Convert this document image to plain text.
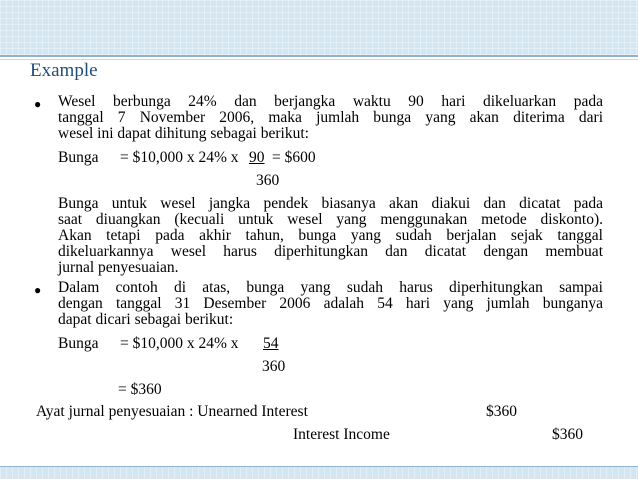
Example
● Wesel berbunga 24% dan berjangka waktu 90 hari dikeluarkan pada
tanggal 7 November 2006, maka jumlah bunga yang akan diterima dari
wesel ini dapat dihitung sebagai berikut:
Bunga = $10,000 x 24% x 90 = $600
360
Bunga untuk wesel jangka pendek biasanya akan diakui dan dicatat pada
saat diuangkan (kecuali untuk wesel yang menggunakan metode diskonto).
Akan tetapi pada akhir tahun, bunga yang sudah berjalan sejak tanggal
dikeluarkannya wesel harus diperhitungkan dan dicatat dengan membuat
jurnal penyesuaian.
● Dalam contoh di atas, bunga yang sudah harus diperhitungkan sampai
dengan tanggal 31 Desember 2006 adalah 54 hari yang jumlah bunganya
dapat dicari sebagai berikut:
Bunga = $10,000 x 24% x 54
360
= $360
Ayat jurnal penyesuaian : Unearned Interest	$360
Interest Income	$360
